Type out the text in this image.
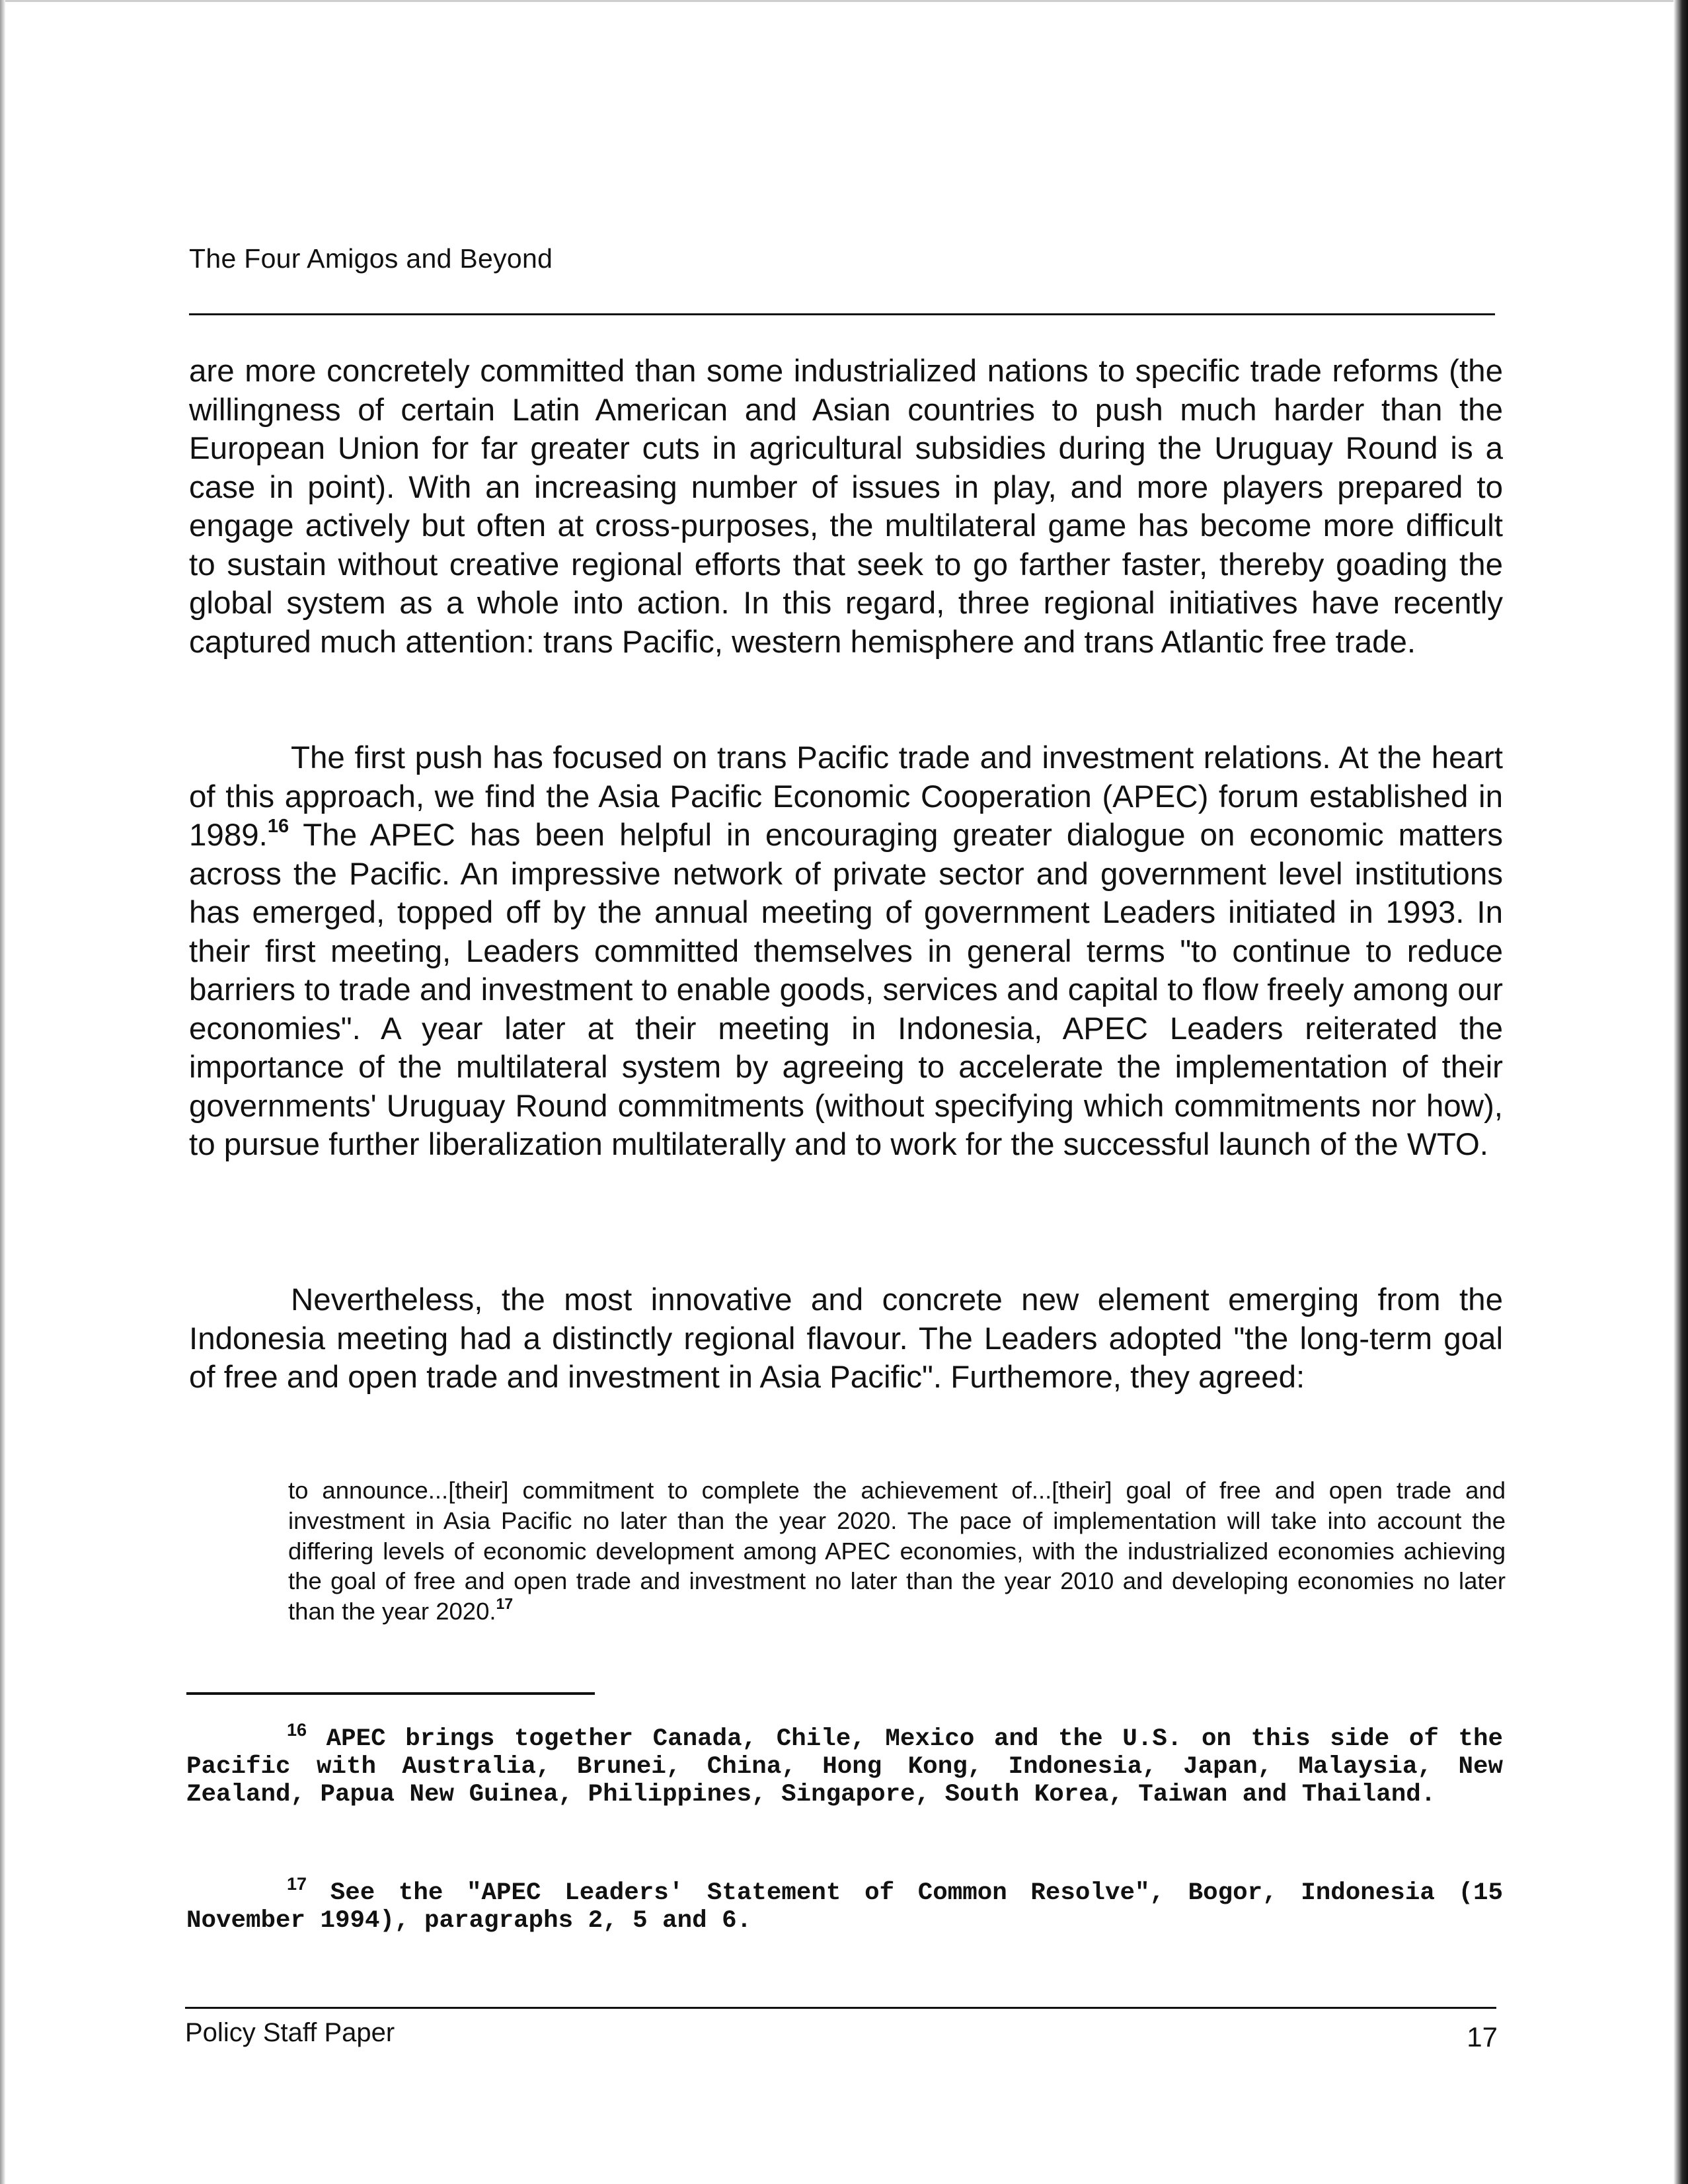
The Four Amigos and Beyond

are more concretely committed than some industrialized nations to specific trade reforms (the willingness of certain Latin American and Asian countries to push much harder than the European Union for far greater cuts in agricultural subsidies during the Uruguay Round is a case in point). With an increasing number of issues in play, and more players prepared to engage actively but often at cross-purposes, the multilateral game has become more difficult to sustain without creative regional efforts that seek to go farther faster, thereby goading the global system as a whole into action. In this regard, three regional initiatives have recently captured much attention: trans Pacific, western hemisphere and trans Atlantic free trade.

The first push has focused on trans Pacific trade and investment relations. At the heart of this approach, we find the Asia Pacific Economic Cooperation (APEC) forum established in 1989.16 The APEC has been helpful in encouraging greater dialogue on economic matters across the Pacific. An impressive network of private sector and government level institutions has emerged, topped off by the annual meeting of government Leaders initiated in 1993. In their first meeting, Leaders committed themselves in general terms "to continue to reduce barriers to trade and investment to enable goods, services and capital to flow freely among our economies". A year later at their meeting in Indonesia, APEC Leaders reiterated the importance of the multilateral system by agreeing to accelerate the implementation of their governments' Uruguay Round commitments (without specifying which commitments nor how), to pursue further liberalization multilaterally and to work for the successful launch of the WTO.

Nevertheless, the most innovative and concrete new element emerging from the Indonesia meeting had a distinctly regional flavour. The Leaders adopted "the long-term goal of free and open trade and investment in Asia Pacific". Furthemore, they agreed:

to announce...[their] commitment to complete the achievement of...[their] goal of free and open trade and investment in Asia Pacific no later than the year 2020. The pace of implementation will take into account the differing levels of economic development among APEC economies, with the industrialized economies achieving the goal of free and open trade and investment no later than the year 2010 and developing economies no later than the year 2020.17

$^{16}$ APEC brings together Canada, Chile, Mexico and the U.S. on this side of the Pacific with Australia, Brunei, China, Hong Kong, Indonesia, Japan, Malaysia, New Zealand, Papua New Guinea, Philippines, Singapore, South Korea, Taiwan and Thailand.

$^{17}$ See the "APEC Leaders' Statement of Common Resolve", Bogor, Indonesia (15 November 1994), paragraphs 2, 5 and 6.

Policy Staff Paper	17
